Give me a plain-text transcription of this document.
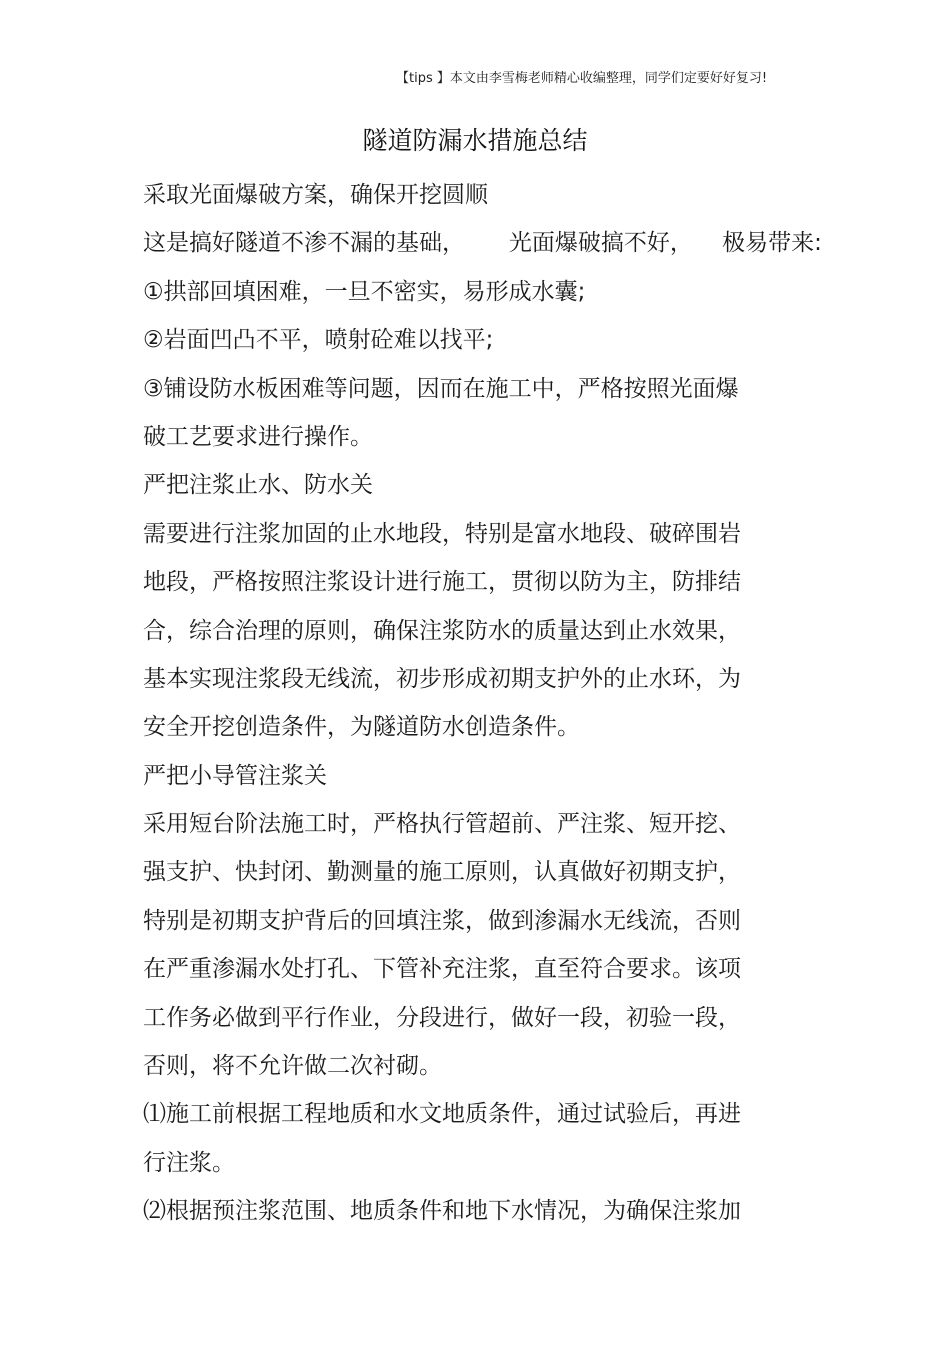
【tips 】本文由李雪梅老师精心收编整理，同学们定要好好复习!
隧道防漏水措施总结
采取光面爆破方案，确保开挖圆顺
这是搞好隧道不渗不漏的基础，      光面爆破搞不好，    极易带来:
①拱部回填困难，一旦不密实，易形成水囊;
②岩面凹凸不平，喷射砼难以找平;
③铺设防水板困难等问题，因而在施工中，严格按照光面爆
破工艺要求进行操作。
严把注浆止水、防水关
需要进行注浆加固的止水地段，特别是富水地段、破碎围岩
地段，严格按照注浆设计进行施工，贯彻以防为主，防排结
合，综合治理的原则，确保注浆防水的质量达到止水效果，
基本实现注浆段无线流，初步形成初期支护外的止水环，为
安全开挖创造条件，为隧道防水创造条件。
严把小导管注浆关
采用短台阶法施工时，严格执行管超前、严注浆、短开挖、
强支护、快封闭、勤测量的施工原则，认真做好初期支护，
特别是初期支护背后的回填注浆，做到渗漏水无线流，否则
在严重渗漏水处打孔、下管补充注浆，直至符合要求。该项
工作务必做到平行作业，分段进行，做好一段，初验一段，
否则，将不允许做二次衬砌。
⑴施工前根据工程地质和水文地质条件，通过试验后，再进
行注浆。
⑵根据预注浆范围、地质条件和地下水情况，为确保注浆加
